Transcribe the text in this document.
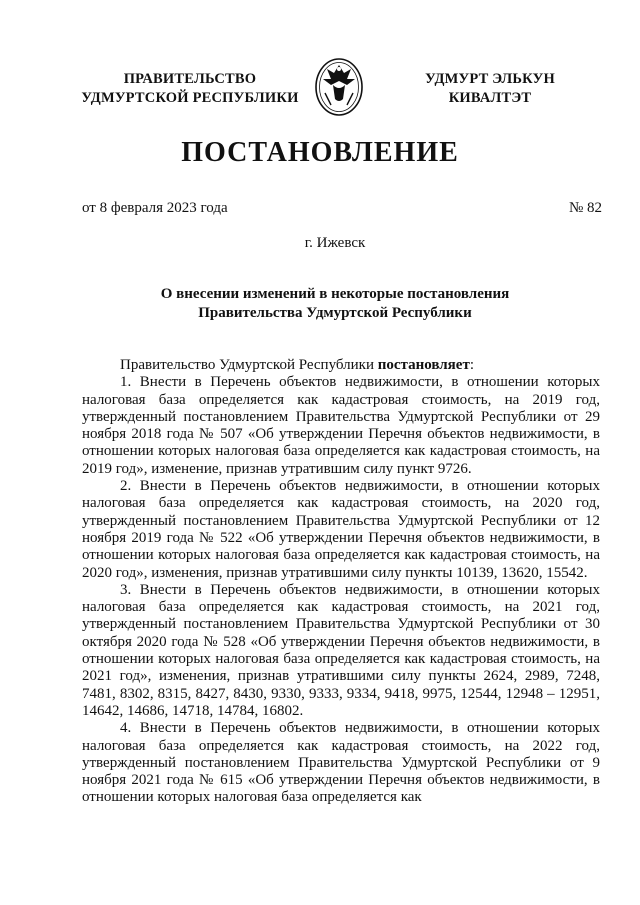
ПРАВИТЕЛЬСТВО
УДМУРТСКОЙ РЕСПУБЛИКИ
УДМУРТ ЭЛЬКУН
КИВАЛТЭТ
ПОСТАНОВЛЕНИЕ
от 8 февраля 2023 года	№ 82
г. Ижевск
О внесении изменений в некоторые постановления
Правительства Удмуртской Республики

Правительство Удмуртской Республики постановляет:

1. Внести в Перечень объектов недвижимости, в отношении которых налоговая база определяется как кадастровая стоимость, на 2019 год, утвержденный постановлением Правительства Удмуртской Республики от 29 ноября 2018 года № 507 «Об утверждении Перечня объектов недвижимости, в отношении которых налоговая база определяется как кадастровая стоимость, на 2019 год», изменение, признав утратившим силу пункт 9726.

2. Внести в Перечень объектов недвижимости, в отношении которых налоговая база определяется как кадастровая стоимость, на 2020 год, утвержденный постановлением Правительства Удмуртской Республики от 12 ноября 2019 года № 522 «Об утверждении Перечня объектов недвижимости, в отношении которых налоговая база определяется как кадастровая стоимость, на 2020 год», изменения, признав утратившими силу пункты 10139, 13620, 15542.

3. Внести в Перечень объектов недвижимости, в отношении которых налоговая база определяется как кадастровая стоимость, на 2021 год, утвержденный постановлением Правительства Удмуртской Республики от 30 октября 2020 года № 528 «Об утверждении Перечня объектов недвижимости, в отношении которых налоговая база определяется как кадастровая стоимость, на 2021 год», изменения, признав утратившими силу пункты 2624, 2989, 7248, 7481, 8302, 8315, 8427, 8430, 9330, 9333, 9334, 9418, 9975, 12544, 12948 – 12951, 14642, 14686, 14718, 14784, 16802.

4. Внести в Перечень объектов недвижимости, в отношении которых налоговая база определяется как кадастровая стоимость, на 2022 год, утвержденный постановлением Правительства Удмуртской Республики от 9 ноября 2021 года № 615 «Об утверждении Перечня объектов недвижимости, в отношении которых налоговая база определяется как
